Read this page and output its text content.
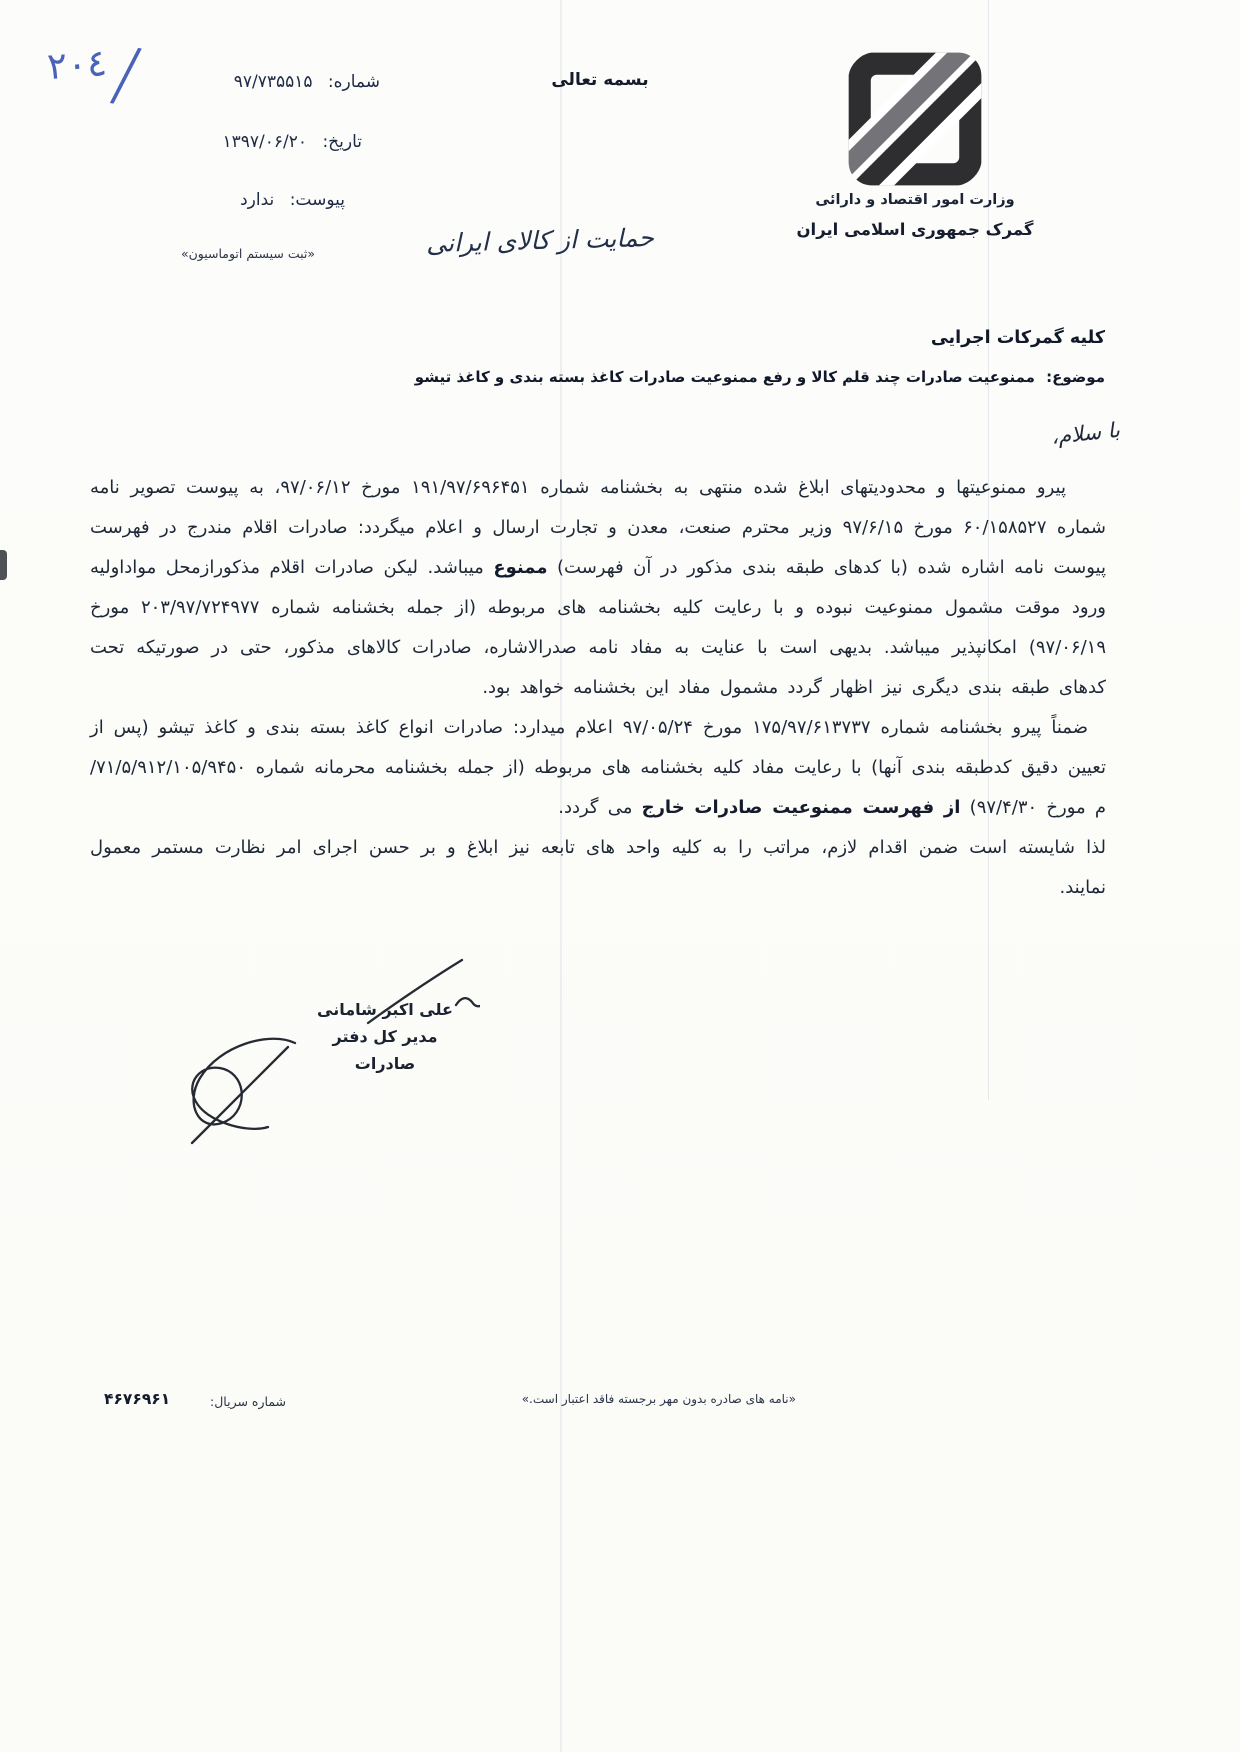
٢٠٤
/	شماره: ۹۷/۷۳۵۵۱۵
تاریخ: ۱۳۹۷/۰۶/۲۰
پیوست: ندارد
«ثبت سیستم اتوماسیون»
بسمه تعالی
حمایت از کالای ایرانی
وزارت امور اقتصاد و دارائی
گمرک جمهوری اسلامی ایران
کلیه گمرکات اجرایی
موضوع: ممنوعیت صادرات چند قلم کالا و رفع ممنوعیت صادرات کاغذ بسته بندی و کاغذ تیشو
با سلام،

پیرو ممنوعیتها و محدودیتهای ابلاغ شده منتهی به بخشنامه شماره ۱۹۱/۹۷/۶۹۶۴۵۱ مورخ ۹۷/۰۶/۱۲، به پیوست تصویر نامه شماره ۶۰/۱۵۸۵۲۷ مورخ ۹۷/۶/۱۵ وزیر محترم صنعت، معدن و تجارت ارسال و اعلام میگردد: صادرات اقلام مندرج در فهرست پیوست نامه اشاره شده (با کدهای طبقه بندی مذکور در آن فهرست) ممنوع میباشد. لیکن صادرات اقلام مذکورازمحل مواداولیه ورود موقت مشمول ممنوعیت نبوده و با رعایت کلیه بخشنامه های مربوطه (از جمله بخشنامه شماره ۲۰۳/۹۷/۷۲۴۹۷۷ مورخ ۹۷/۰۶/۱۹) امکانپذیر میباشد. بدیهی است با عنایت به مفاد نامه صدرالاشاره، صادرات کالاهای مذکور، حتی در صورتیکه تحت کدهای طبقه بندی دیگری نیز اظهار گردد مشمول مفاد این بخشنامه خواهد بود.

ضمناً پیرو بخشنامه شماره ۱۷۵/۹۷/۶۱۳۷۳۷ مورخ ۹۷/۰۵/۲۴ اعلام میدارد: صادرات انواع کاغذ بسته بندی و کاغذ تیشو (پس از تعیین دقیق کدطبقه بندی آنها) با رعایت مفاد کلیه بخشنامه های مربوطه (از جمله بخشنامه محرمانه شماره ۷۱/۵/۹۱۲/۱۰۵/۹۴۵۰/م مورخ ۹۷/۴/۳۰) از فهرست ممنوعیت صادرات خارج می گردد.

لذا شایسته است ضمن اقدام لازم، مراتب را به کلیه واحد های تابعه نیز ابلاغ و بر حسن اجرای امر نظارت مستمر معمول نمایند.

علی اکبر شامانی
مدیر کل دفتر صادرات
«نامه های صادره بدون مهر برجسته فاقد اعتبار است.»
شماره سریال:
۴۶۷۶۹۶۱
